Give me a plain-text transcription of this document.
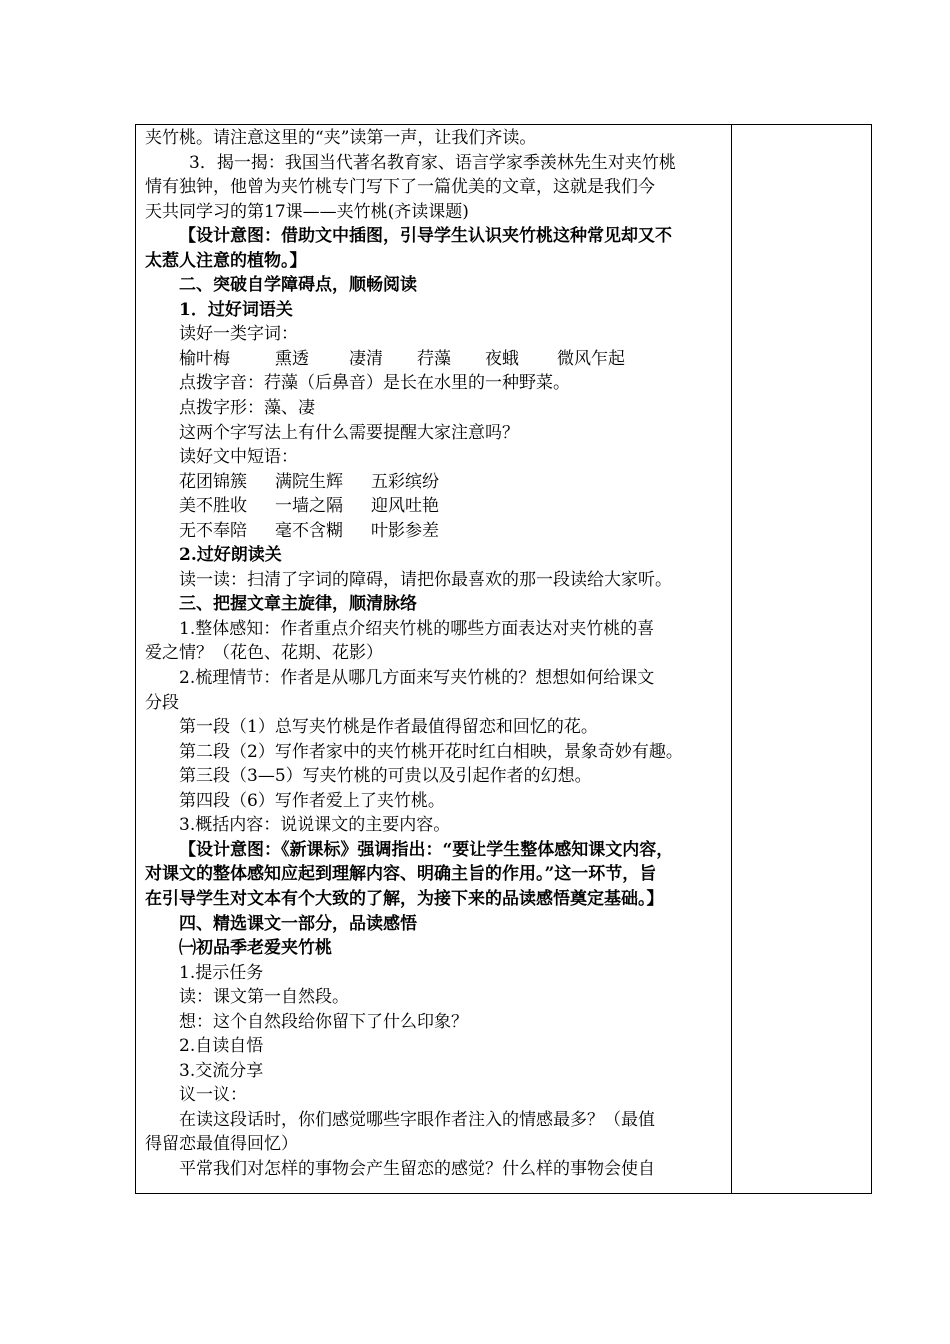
夹竹桃。请注意这里的“夹”读第一声，让我们齐读。
3．揭一揭：我国当代著名教育家、语言学家季羡林先生对夹竹桃
情有独钟，他曾为夹竹桃专门写下了一篇优美的文章，这就是我们今
天共同学习的第17课——夹竹桃(齐读课题)
【设计意图：借助文中插图，引导学生认识夹竹桃这种常见却又不
太惹人注意的植物。】
二、突破自学障碍点，顺畅阅读
1．过好词语关
读好一类字词：
榆叶梅	熏透	凄清	荇藻	夜蛾	微风乍起
点拨字音：荇藻（后鼻音）是长在水里的一种野菜。
点拨字形：藻、凄
这两个字写法上有什么需要提醒大家注意吗？
读好文中短语：
花团锦簇	满院生辉	五彩缤纷
美不胜收	一墙之隔	迎风吐艳
无不奉陪	毫不含糊	叶影参差
2.过好朗读关
读一读：扫清了字词的障碍，请把你最喜欢的那一段读给大家听。
三、把握文章主旋律，顺清脉络
1.整体感知：作者重点介绍夹竹桃的哪些方面表达对夹竹桃的喜
爱之情？（花色、花期、花影）
2.梳理情节：作者是从哪几方面来写夹竹桃的？想想如何给课文
分段
第一段（1）总写夹竹桃是作者最值得留恋和回忆的花。
第二段（2）写作者家中的夹竹桃开花时红白相映，景象奇妙有趣。
第三段（3—5）写夹竹桃的可贵以及引起作者的幻想。
第四段（6）写作者爱上了夹竹桃。
3.概括内容：说说课文的主要内容。
【设计意图：《新课标》强调指出：“要让学生整体感知课文内容，
对课文的整体感知应起到理解内容、明确主旨的作用。”这一环节，旨
在引导学生对文本有个大致的了解，为接下来的品读感悟奠定基础。】
四、精选课文一部分，品读感悟
㈠初品季老爱夹竹桃
1.提示任务
读：课文第一自然段。
想：这个自然段给你留下了什么印象？
2.自读自悟
3.交流分享
议一议：
在读这段话时，你们感觉哪些字眼作者注入的情感最多？（最值
得留恋最值得回忆）
平常我们对怎样的事物会产生留恋的感觉？什么样的事物会使自
